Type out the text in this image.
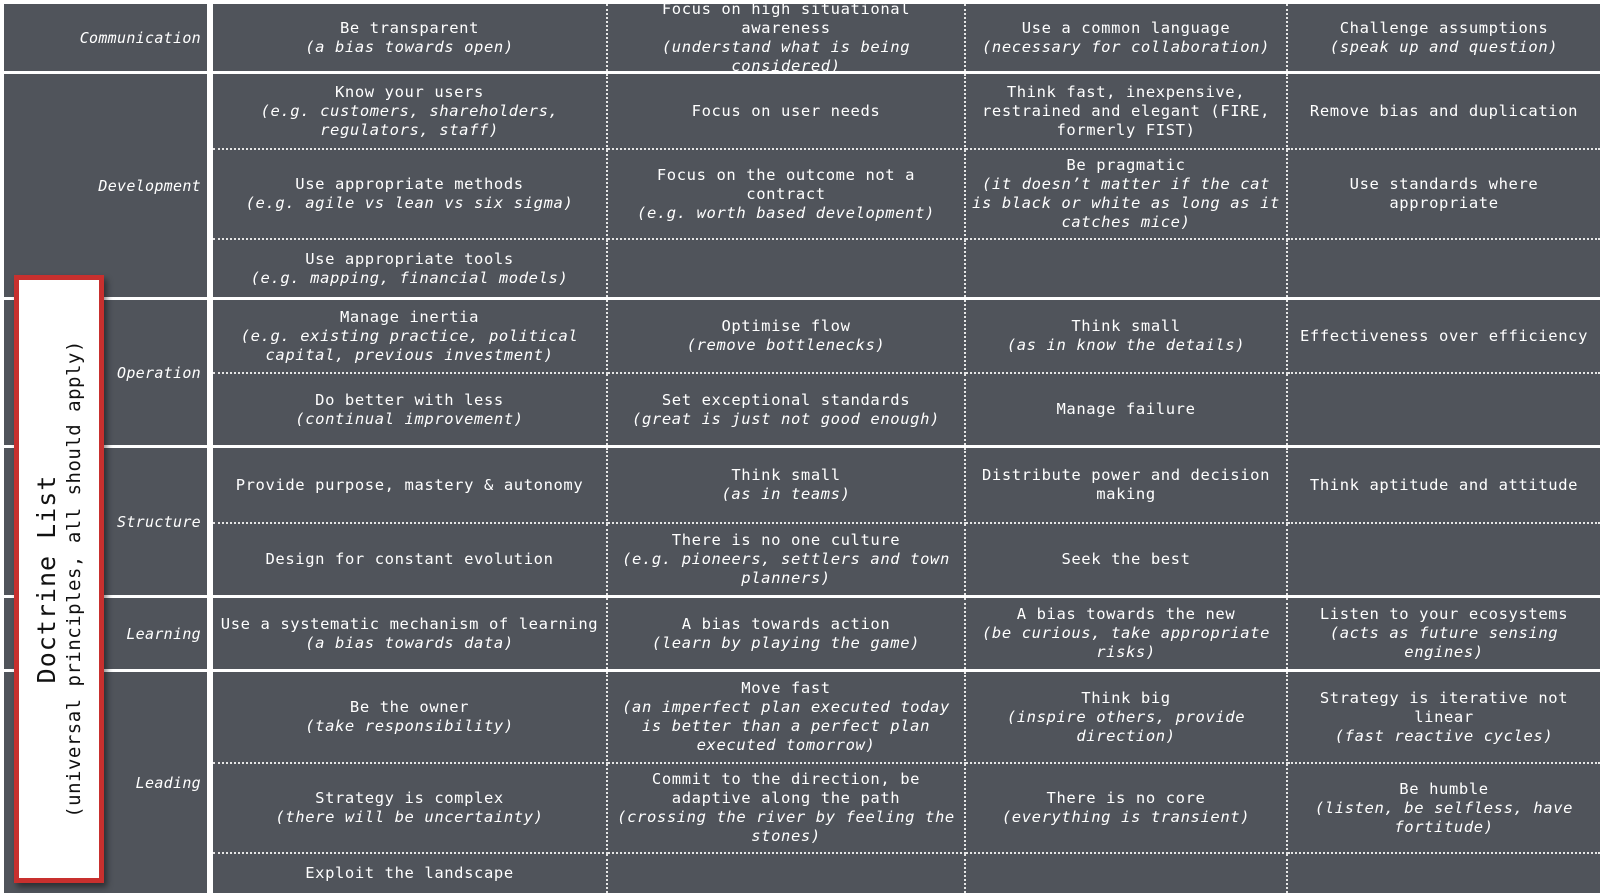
Communication
Development
Operation
Structure
Learning
Leading
Be transparent
(a bias towards open)
Focus on high situational awareness
(understand what is being considered)
Use a common language
(necessary for collaboration)
Challenge assumptions
(speak up and question)
Know your users
(e.g. customers, shareholders, regulators, staff)
Focus on user needs
Think fast, inexpensive, restrained and elegant (FIRE, formerly FIST)
Remove bias and duplication
Use appropriate methods
(e.g. agile vs lean vs six sigma)
Focus on the outcome not a contract
(e.g. worth based development)
Be pragmatic
(it doesn’t matter if the cat is black or white as long as it catches mice)
Use standards where appropriate
Use appropriate tools
(e.g. mapping, financial models)
Manage inertia
(e.g. existing practice, political capital, previous investment)
Optimise flow
(remove bottlenecks)
Think small
(as in know the details)
Effectiveness over efficiency
Do better with less
(continual improvement)
Set exceptional standards
(great is just not good enough)
Manage failure
Provide purpose, mastery & autonomy
Think small
(as in teams)
Distribute power and decision making
Think aptitude and attitude
Design for constant evolution
There is no one culture
(e.g. pioneers, settlers and town planners)
Seek the best
Use a systematic mechanism of learning
(a bias towards data)
A bias towards action
(learn by playing the game)
A bias towards the new
(be curious, take appropriate risks)
Listen to your ecosystems
(acts as future sensing engines)
Be the owner
(take responsibility)
Move fast
(an imperfect plan executed today is better than a perfect plan executed tomorrow)
Think big
(inspire others, provide direction)
Strategy is iterative not linear
(fast reactive cycles)
Strategy is complex
(there will be uncertainty)
Commit to the direction, be adaptive along the path
(crossing the river by feeling the stones)
There is no core
(everything is transient)
Be humble
(listen, be selfless, have fortitude)
Exploit the landscape
Doctrine List (universal principles, all should apply)
